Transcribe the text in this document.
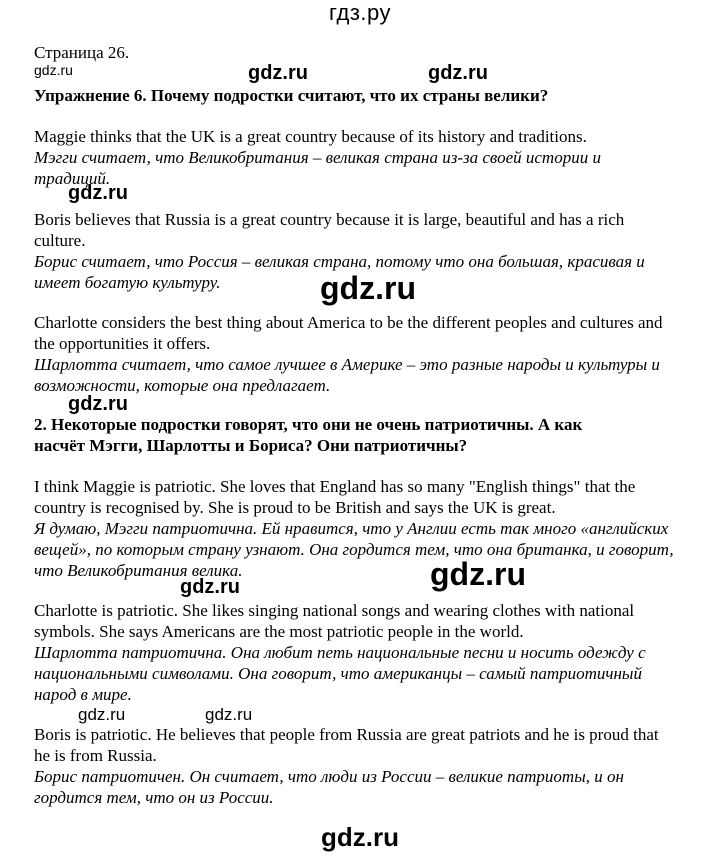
гдз.ру
Страница 26.
gdz.ru	gdz.ru	gdz.ru
Упражнение 6. Почему подростки считают, что их страны велики?

Maggie thinks that the UK is a great country because of its history and traditions.

Мэгги считает, что Великобритания – великая страна из-за своей истории и традиций.

gdz.ru

Boris believes that Russia is a great country because it is large, beautiful and has a rich culture.

Борис считает, что Россия – великая страна, потому что она большая, красивая и имеет богатую культуру.	gdz.ru

Charlotte considers the best thing about America to be the different peoples and cultures and the opportunities it offers.

Шарлотта считает, что самое лучшее в Америке – это разные народы и культуры и возможности, которые она предлагает.

gdz.ru
2. Некоторые подростки говорят, что они не очень патриотичны. А как
насчёт Мэгги, Шарлотты и Бориса? Они патриотичны?

I think Maggie is patriotic. She loves that England has so many "English things" that the country is recognised by. She is proud to be British and says the UK is great.

Я думаю, Мэгги патриотична. Ей нравится, что у Англии есть так много «английских вещей», по которым страну узнают. Она гордится тем, что она британка, и говорит, что Великобритания велика.	gdz.ru
gdz.ru

Charlotte is patriotic. She likes singing national songs and wearing clothes with national symbols. She says Americans are the most patriotic people in the world.

Шарлотта патриотична. Она любит петь национальные песни и носить одежду с национальными символами. Она говорит, что американцы – самый патриотичный народ в мире.

gdz.ru	gdz.ru

Boris is patriotic. He believes that people from Russia are great patriots and he is proud that he is from Russia.

Борис патриотичен. Он считает, что люди из России – великие патриоты, и он гордится тем, что он из России.

gdz.ru
